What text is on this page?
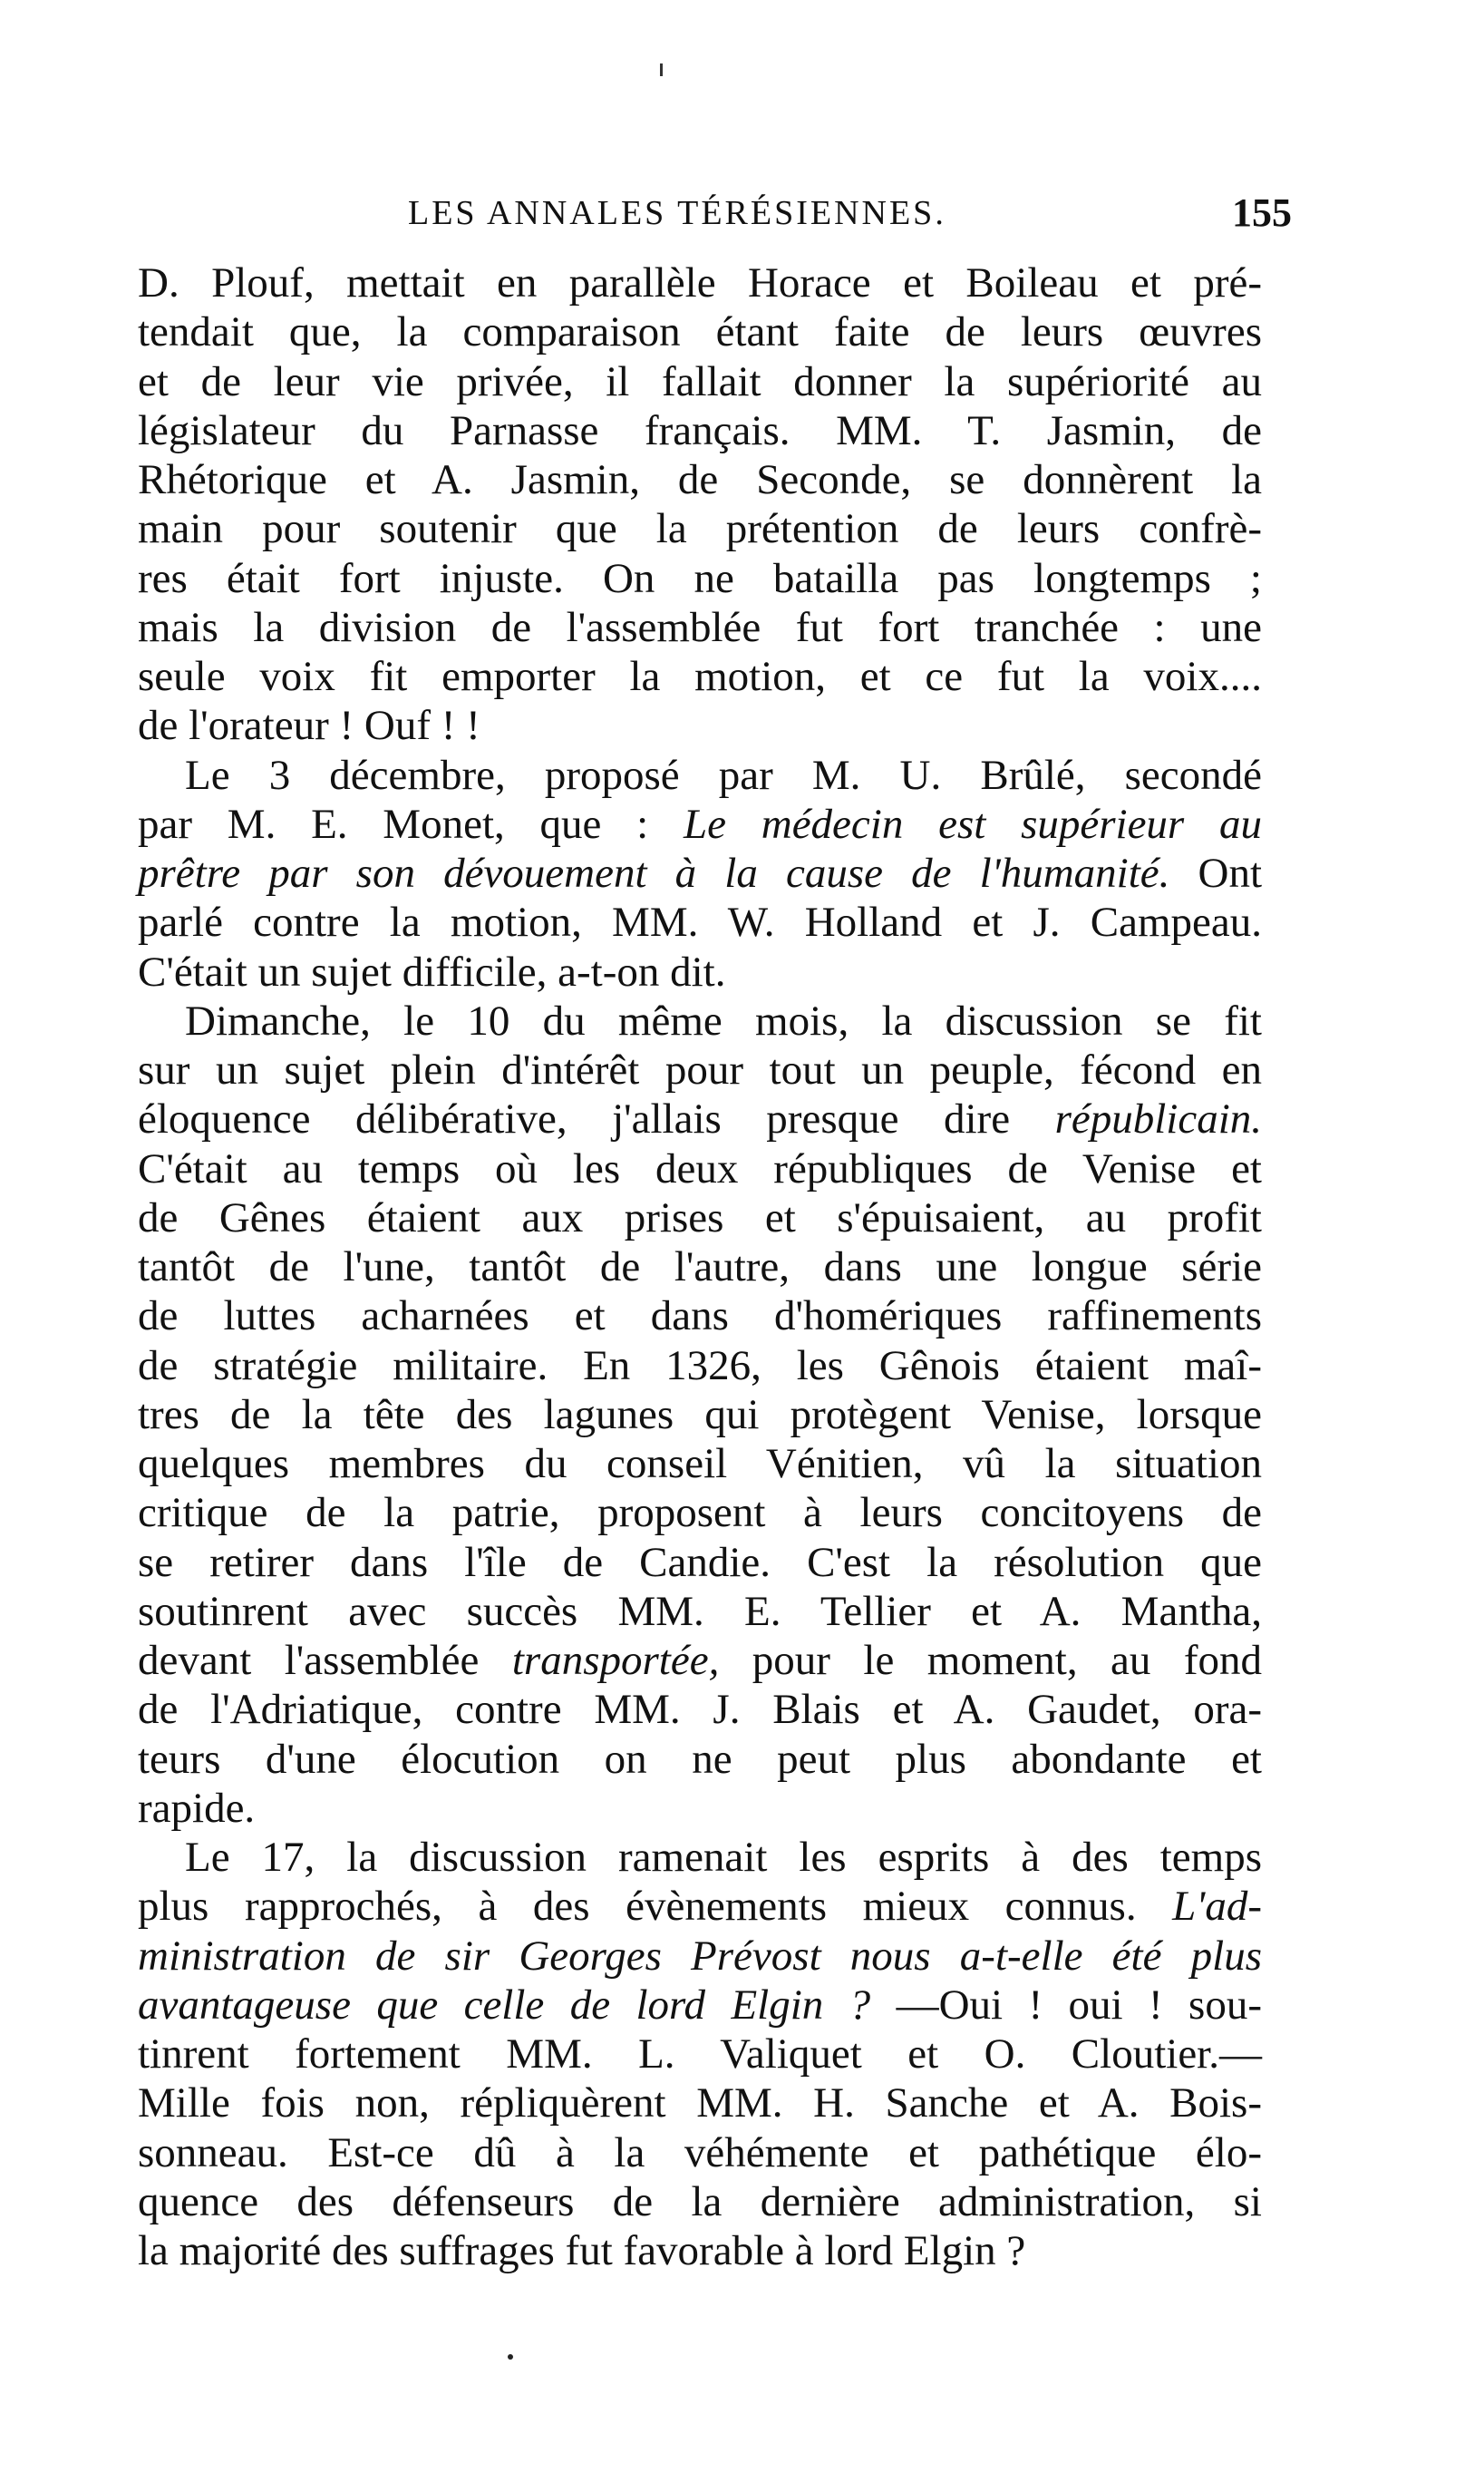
LES ANNALES TÉRÉSIENNES.	155
D. Plouf, mettait en parallèle Horace et Boileau et pré-
tendait que, la comparaison étant faite de leurs œuvres
et de leur vie privée, il fallait donner la supériorité au
législateur du Parnasse français. MM. T. Jasmin, de
Rhétorique et A. Jasmin, de Seconde, se donnèrent la
main pour soutenir que la prétention de leurs confrè-
res était fort injuste. On ne batailla pas longtemps ;
mais la division de l'assemblée fut fort tranchée : une
seule voix fit emporter la motion, et ce fut la voix....
de l'orateur ! Ouf ! !
Le 3 décembre, proposé par M. U. Brûlé, secondé
par M. E. Monet, que : Le médecin est supérieur au
prêtre par son dévouement à la cause de l'humanité. Ont
parlé contre la motion, MM. W. Holland et J. Campeau.
C'était un sujet difficile, a-t-on dit.
Dimanche, le 10 du même mois, la discussion se fit
sur un sujet plein d'intérêt pour tout un peuple, fécond en
éloquence délibérative, j'allais presque dire républicain.
C'était au temps où les deux républiques de Venise et
de Gênes étaient aux prises et s'épuisaient, au profit
tantôt de l'une, tantôt de l'autre, dans une longue série
de luttes acharnées et dans d'homériques raffinements
de stratégie militaire. En 1326, les Gênois étaient maî-
tres de la tête des lagunes qui protègent Venise, lorsque
quelques membres du conseil Vénitien, vû la situation
critique de la patrie, proposent à leurs concitoyens de
se retirer dans l'île de Candie. C'est la résolution que
soutinrent avec succès MM. E. Tellier et A. Mantha,
devant l'assemblée transportée, pour le moment, au fond
de l'Adriatique, contre MM. J. Blais et A. Gaudet, ora-
teurs d'une élocution on ne peut plus abondante et
rapide.
Le 17, la discussion ramenait les esprits à des temps
plus rapprochés, à des évènements mieux connus. L'ad-
ministration de sir Georges Prévost nous a-t-elle été plus
avantageuse que celle de lord Elgin ? —Oui ! oui ! sou-
tinrent fortement MM. L. Valiquet et O. Cloutier.—
Mille fois non, répliquèrent MM. H. Sanche et A. Bois-
sonneau. Est-ce dû à la véhémente et pathétique élo-
quence des défenseurs de la dernière administration, si
la majorité des suffrages fut favorable à lord Elgin ?
